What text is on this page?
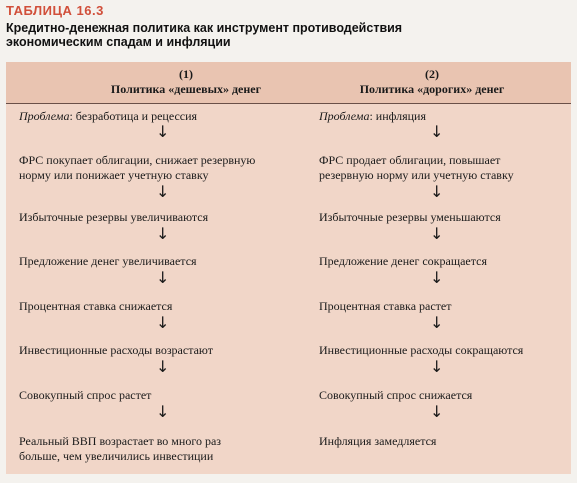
ТАБЛИЦА 16.3
Кредитно-денежная политика как инструмент противодействия
экономическим спадам и инфляции
(1)
Политика «дешевых» денег
(2)
Политика «дорогих» денег
Проблема: безработица и рецессия
↓
ФРС покупает облигации, снижает резервную
норму или понижает учетную ставку
↓
Избыточные резервы увеличиваются
↓
Предложение денег увеличивается
↓
Процентная ставка снижается
↓
Инвестиционные расходы возрастают
↓
Совокупный спрос растет
↓
Реальный ВВП возрастает во много раз
больше, чем увеличились инвестиции
Проблема: инфляция
↓
ФРС продает облигации, повышает
резервную норму или учетную ставку
↓
Избыточные резервы уменьшаются
↓
Предложение денег сокращается
↓
Процентная ставка растет
↓
Инвестиционные расходы сокращаются
↓
Совокупный спрос снижается
↓
Инфляция замедляется
